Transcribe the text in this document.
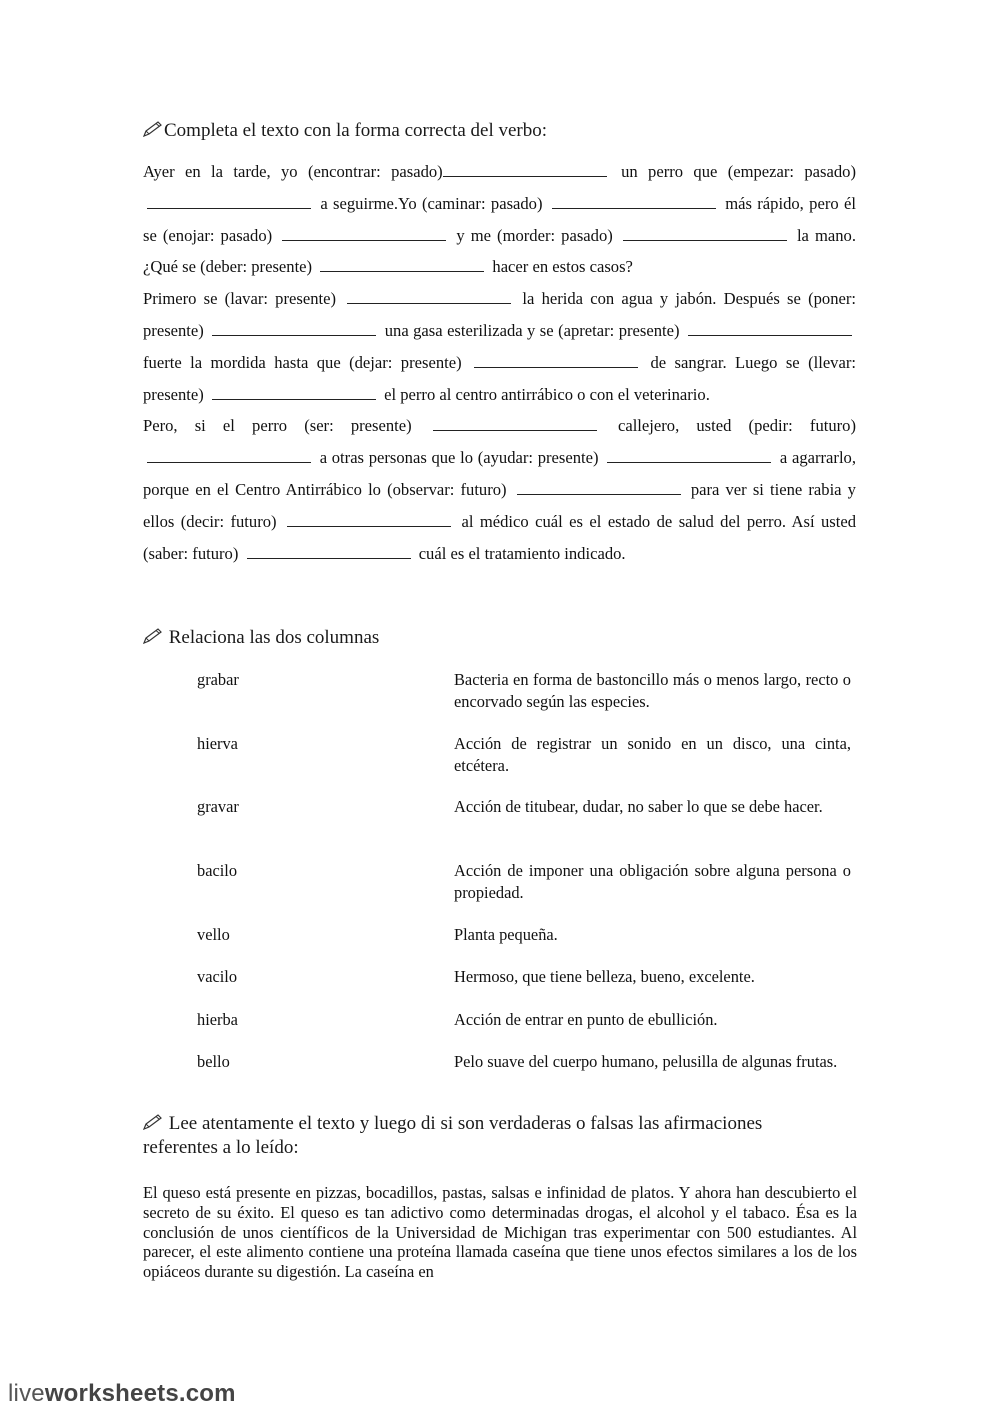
Completa el texto con la forma correcta del verbo:

Ayer en la tarde, yo (encontrar: pasado)	un perro que (empezar: pasado)  a seguirme.Yo (caminar: pasado)	más rápido, pero él se (enojar: pasado)	y me (morder: pasado)	la mano. ¿Qué se (deber: presente)	hacer en estos casos?

Primero se (lavar: presente)	la herida con agua y jabón. Después se (poner: presente)	una gasa esterilizada y se (apretar: presente)  fuerte la mordida hasta que (dejar: presente)	de sangrar. Luego se (llevar: presente)	el perro al centro antirrábico o con el veterinario.

Pero, si el perro (ser: presente)	callejero, usted (pedir: futuro)  a otras personas que lo (ayudar: presente)	a agarrarlo, porque en el Centro Antirrábico lo (observar: futuro)	para ver si tiene rabia y ellos (decir: futuro)	al médico cuál es el estado de salud del perro. Así usted (saber: futuro)	cuál es el tratamiento indicado.

Relaciona las dos columnas
grabar	Bacteria en forma de bastoncillo más o menos largo, recto o encorvado según las especies.
hierva	Acción de registrar un sonido en un disco, una cinta, etcétera.
gravar	Acción de titubear, dudar, no saber lo que se debe hacer.
bacilo	Acción de imponer una obligación sobre alguna persona o propiedad.
vello	Planta pequeña.
vacilo	Hermoso, que tiene belleza, bueno, excelente.
hierba	Acción de entrar en punto de ebullición.
bello	Pelo suave del cuerpo humano, pelusilla de algunas frutas.
Lee atentamente el texto y luego di si son verdaderas o falsas las afirmaciones referentes a lo leído:
El queso está presente en pizzas, bocadillos, pastas, salsas e infinidad de platos. Y ahora han descubierto el secreto de su éxito. El queso es tan adictivo como determinadas drogas, el alcohol y el tabaco. Ésa es la conclusión de unos científicos de la Universidad de Michigan tras experimentar con 500 estudiantes. Al parecer, el este alimento contiene una proteína llamada caseína que tiene unos efectos similares a los de los opiáceos durante su digestión. La caseína en
liveworksheets.com
